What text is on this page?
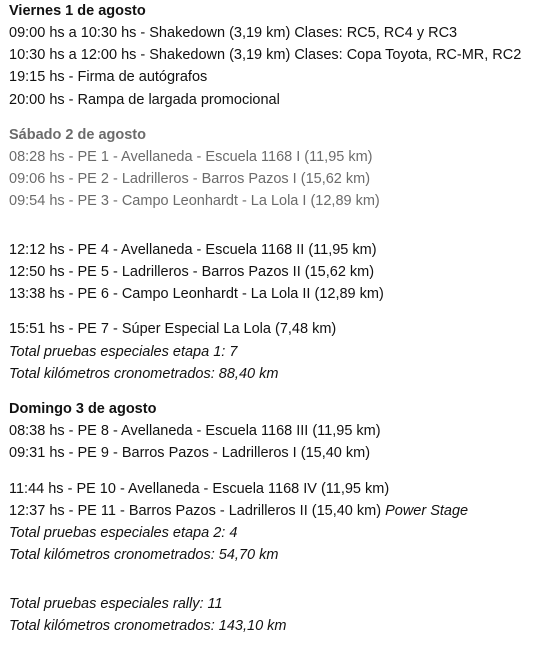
Viernes 1 de agosto
09:00 hs a 10:30 hs - Shakedown (3,19 km) Clases: RC5, RC4 y RC3
10:30 hs a 12:00 hs - Shakedown (3,19 km) Clases: Copa Toyota, RC-MR, RC2
19:15 hs - Firma de autógrafos
20:00 hs - Rampa de largada promocional
Sábado 2 de agosto
08:28 hs - PE 1 - Avellaneda - Escuela 1168 I (11,95 km)
09:06 hs - PE 2 - Ladrilleros - Barros Pazos I (15,62 km)
09:54 hs - PE 3 - Campo Leonhardt - La Lola I (12,89 km)
12:12 hs - PE 4 - Avellaneda - Escuela 1168 II (11,95 km)
12:50 hs - PE 5 - Ladrilleros - Barros Pazos II (15,62 km)
13:38 hs - PE 6 - Campo Leonhardt - La Lola II (12,89 km)
15:51 hs - PE 7 - Súper Especial La Lola (7,48 km)
Total pruebas especiales etapa 1: 7
Total kilómetros cronometrados: 88,40 km
Domingo 3 de agosto
08:38 hs - PE 8 - Avellaneda - Escuela 1168 III (11,95 km)
09:31 hs - PE 9 - Barros Pazos - Ladrilleros I (15,40 km)
11:44 hs - PE 10 - Avellaneda - Escuela 1168 IV (11,95 km)
12:37 hs - PE 11 - Barros Pazos - Ladrilleros II (15,40 km) Power Stage
Total pruebas especiales etapa 2: 4
Total kilómetros cronometrados: 54,70 km
Total pruebas especiales rally: 11
Total kilómetros cronometrados: 143,10 km
